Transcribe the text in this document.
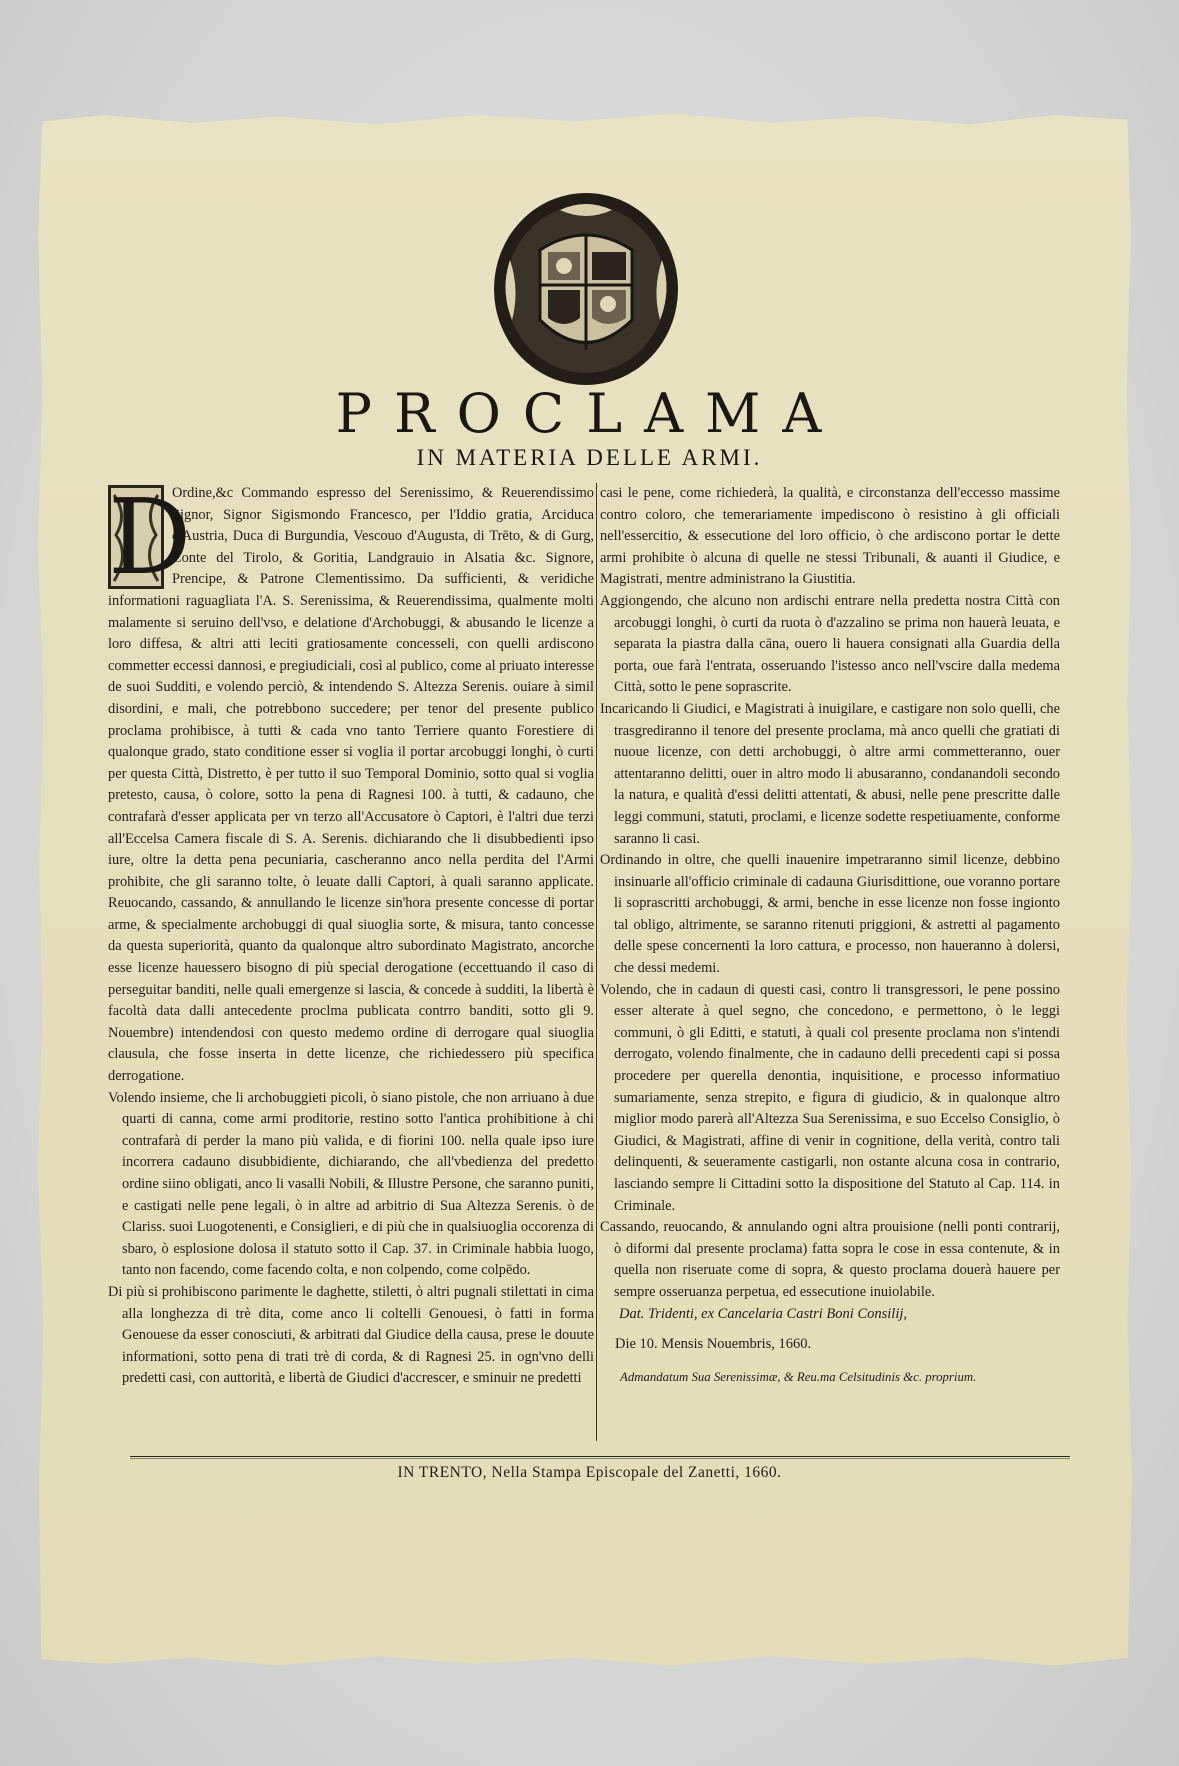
PROCLAMA
IN MATERIA DELLE ARMI.
D

Ordine,&c Commando espresso del Serenissimo, & Reuerendissimo Signor, Signor Sigismondo Francesco, per l'Iddio gratia, Arciduca d'Austria, Duca di Burgundia, Vescouo d'Augusta, di Trēto, & di Gurg, Conte del Tirolo, & Goritia, Landgrauio in Alsatia &c. Signore, Prencipe, & Patrone Clementissimo. Da sufficienti, & veridiche informationi raguagliata l'A. S. Serenissima, & Reuerendissima, qualmente molti malamente si seruino dell'vso, e delatione d'Archobuggi, & abusando le licenze a loro diffesa, & altri atti leciti gratiosamente concesseli, con quelli ardiscono commetter eccessi dannosi, e pregiudiciali, così al publico, come al priuato interesse de suoi Sudditi, e volendo perciò, & intendendo S. Altezza Serenis. ouiare à simil disordini, e mali, che potrebbono succedere; per tenor del presente publico proclama prohibisce, à tutti & cada vno tanto Terriere quanto Forestiere di qualonque grado, stato conditione esser si voglia il portar arcobuggi longhi, ò curti per questa Città, Distretto, è per tutto il suo Temporal Dominio, sotto qual si voglia pretesto, causa, ò colore, sotto la pena di Ragnesi 100. à tutti, & cadauno, che contrafarà d'esser applicata per vn terzo all'Accusatore ò Captori, è l'altri due terzi all'Eccelsa Camera fiscale di S. A. Serenis. dichiarando che li disubbedienti ipso iure, oltre la detta pena pecuniaria, cascheranno anco nella perdita del l'Armi prohibite, che gli saranno tolte, ò leuate dalli Captori, à quali saranno applicate. Reuocando, cassando, & annullando le licenze sin'hora presente concesse di portar arme, & specialmente archobuggi di qual siuoglia sorte, & misura, tanto concesse da questa superiorità, quanto da qualonque altro subordinato Magistrato, ancorche esse licenze hauessero bisogno di più special derogatione (eccettuando il caso di perseguitar banditi, nelle quali emergenze si lascia, & concede à sudditi, la libertà è facoltà data dalli antecedente proclma publicata contrro banditi, sotto gli 9. Nouembre) intendendosi con questo medemo ordine di derrogare qual siuoglia clausula, che fosse inserta in dette licenze, che richiedessero più specifica derrogatione.

Volendo insieme, che li archobuggieti picoli, ò siano pistole, che non arriuano à due quarti di canna, come armi proditorie, restino sotto l'antica prohibitione à chi contrafarà di perder la mano più valida, e di fiorini 100. nella quale ipso iure incorrera cadauno disubbidiente, dichiarando, che all'vbedienza del predetto ordine siino obligati, anco li vasalli Nobili, & Illustre Persone, che saranno puniti, e castigati nelle pene legali, ò in altre ad arbitrio di Sua Altezza Serenis. ò de Clariss. suoi Luogotenenti, e Consiglieri, e di più che in qualsiuoglia occorenza di sbaro, ò esplosione dolosa il statuto sotto il Cap. 37. in Criminale habbia luogo, tanto non facendo, come facendo colta, e non colpendo, come colpēdo.

Di più si prohibiscono parimente le daghette, stiletti, ò altri pugnali stilettati in cima alla longhezza di trè dita, come anco li coltelli Genouesi, ò fatti in forma Genouese da esser conosciuti, & arbitrati dal Giudice della causa, prese le douute informationi, sotto pena di trati trè di corda, & di Ragnesi 25. in ogn'vno delli predetti casi, con auttorità, e libertà de Giudici d'accrescer, e sminuir ne predetti

casi le pene, come richiederà, la qualità, e circonstanza dell'eccesso massime contro coloro, che temerariamente impediscono ò resistino à gli officiali nell'essercitio, & essecutione del loro officio, ò che ardiscono portar le dette armi prohibite ò alcuna di quelle ne stessi Tribunali, & auanti il Giudice, e Magistrati, mentre administrano la Giustitia.

Aggiongendo, che alcuno non ardischi entrare nella predetta nostra Città con arcobuggi longhi, ò curti da ruota ò d'azzalino se prima non hauerà leuata, e separata la piastra dalla cāna, ouero li hauera consignati alla Guardia della porta, oue farà l'entrata, osseruando l'istesso anco nell'vscire dalla medema Città, sotto le pene soprascrite.

Incaricando li Giudici, e Magistrati à inuigilare, e castigare non solo quelli, che trasgrediranno il tenore del presente proclama, mà anco quelli che gratiati di nuoue licenze, con detti archobuggi, ò altre armi commetteranno, ouer attentaranno delitti, ouer in altro modo li abusaranno, condanandoli secondo la natura, e qualità d'essi delitti attentati, & abusi, nelle pene prescritte dalle leggi communi, statuti, proclami, e licenze sodette respetiuamente, conforme saranno li casi.

Ordinando in oltre, che quelli inauenire impetraranno simil licenze, debbino insinuarle all'officio criminale di cadauna Giurisdittione, oue voranno portare li soprascritti archobuggi, & armi, benche in esse licenze non fosse ingionto tal obligo, altrimente, se saranno ritenuti priggioni, & astretti al pagamento delle spese concernenti la loro cattura, e processo, non haueranno à dolersi, che dessi medemi.

Volendo, che in cadaun di questi casi, contro li transgressori, le pene possino esser alterate à quel segno, che concedono, e permettono, ò le leggi communi, ò gli Editti, e statuti, à quali col presente proclama non s'intendi derrogato, volendo finalmente, che in cadauno delli precedenti capi si possa procedere per querella denontia, inquisitione, e processo informatiuo sumariamente, senza strepito, e figura di giudicio, & in qualonque altro miglior modo parerà all'Altezza Sua Serenissima, e suo Eccelso Consiglio, ò Giudici, & Magistrati, affine di venir in cognitione, della verità, contro tali delinquenti, & seueramente castigarli, non ostante alcuna cosa in contrario, lasciando sempre li Cittadini sotto la dispositione del Statuto al Cap. 114. in Criminale.

Cassando, reuocando, & annulando ogni altra prouisione (nelli ponti contrarij, ò diformi dal presente proclama) fatta sopra le cose in essa contenute, & in quella non riseruate come di sopra, & questo proclama douerà hauere per sempre osseruanza perpetua, ed essecutione inuiolabile.

Dat. Tridenti, ex Cancelaria Castri Boni Consilij,
Die 10. Mensis Nouembris, 1660.
Admandatum Sua Serenissimæ, & Reu.ma Celsitudinis &c. proprium.
IN TRENTO, Nella Stampa Episcopale del Zanetti, 1660.
